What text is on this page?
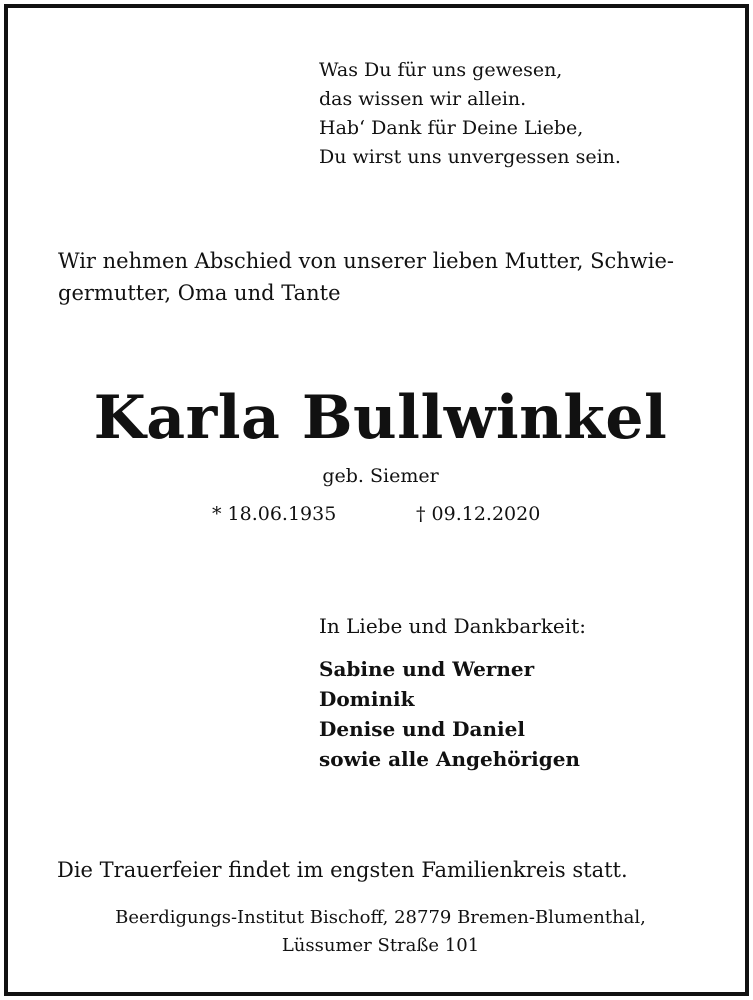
Was Du für uns gewesen,
das wissen wir allein.
Hab‘ Dank für Deine Liebe,
Du wirst uns unvergessen sein.
Wir nehmen Abschied von unserer lieben Mutter, Schwie-
germutter, Oma und Tante
Karla Bullwinkel
geb. Siemer
* 18.06.1935	† 09.12.2020
In Liebe und Dankbarkeit:
Sabine und Werner
Dominik
Denise und Daniel
sowie alle Angehörigen
Die Trauerfeier findet im engsten Familienkreis statt.
Beerdigungs-Institut Bischoff, 28779 Bremen-Blumenthal,
Lüssumer Straße 101
